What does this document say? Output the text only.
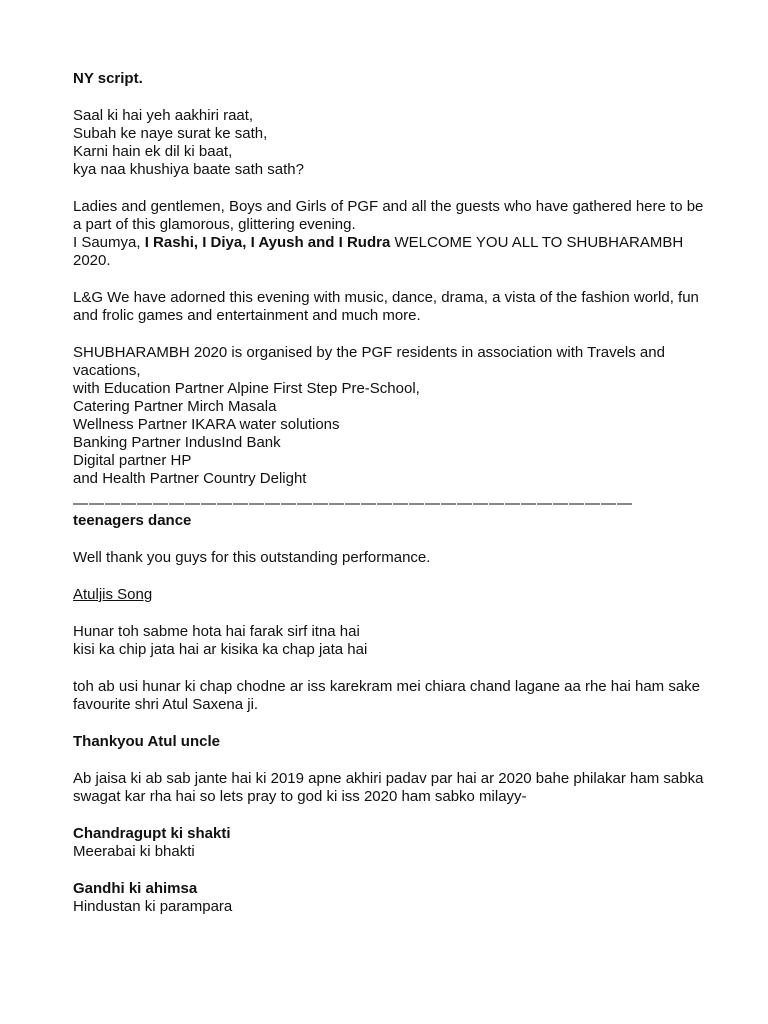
NY script.
Saal ki hai yeh aakhiri raat,
Subah ke naye surat ke sath,
Karni hain ek dil ki baat,
kya naa khushiya baate sath sath?
Ladies and gentlemen, Boys and Girls of PGF and all the guests who have gathered here to be a part of this glamorous, glittering evening.
I Saumya, I Rashi, I Diya, I Ayush and I Rudra WELCOME YOU ALL TO SHUBHARAMBH 2020.
L&G We have adorned this evening with music, dance, drama, a vista of the fashion world, fun and frolic games and entertainment and much more.
SHUBHARAMBH 2020 is organised by the PGF residents in association with Travels and vacations,
with Education Partner Alpine First Step Pre-School,
Catering Partner Mirch Masala
Wellness Partner IKARA water solutions
Banking Partner IndusInd Bank
Digital partner HP
and Health Partner Country Delight
———————————————————————————————————
teenagers dance
Well thank you guys for this outstanding performance.
Atuljis Song
Hunar toh sabme hota hai farak sirf itna hai
kisi ka chip jata hai ar kisika ka chap jata hai
toh ab usi hunar ki chap chodne ar iss karekram mei chiara chand lagane aa rhe hai ham sake favourite shri Atul Saxena ji.
Thankyou Atul uncle
Ab jaisa ki ab sab jante hai ki 2019 apne akhiri padav par hai ar 2020 bahe philakar ham sabka swagat kar rha hai so lets pray to god ki iss 2020 ham sabko milayy-
Chandragupt ki shakti
Meerabai ki bhakti
Gandhi ki ahimsa
Hindustan ki parampara
